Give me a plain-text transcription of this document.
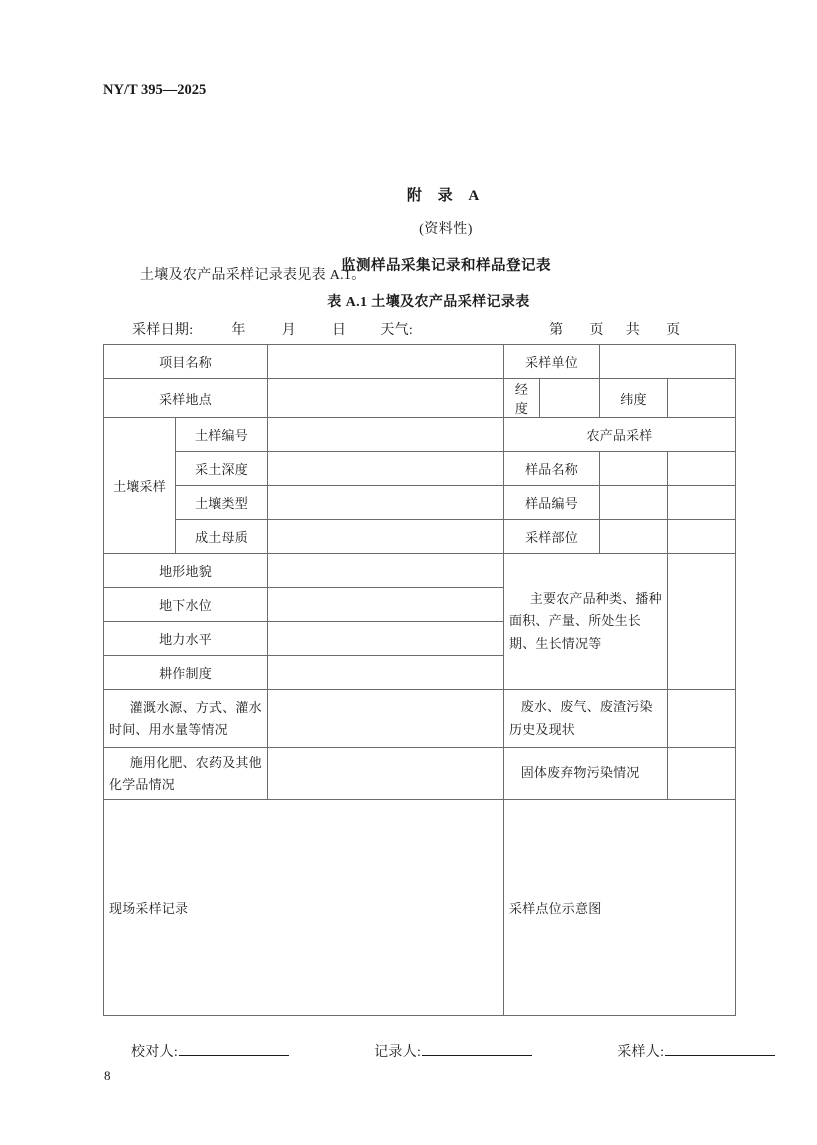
NY/T 395—2025
附 录 A
(资料性)
监测样品采集记录和样品登记表
土壤及农产品采样记录表见表 A.1。
表 A.1 土壤及农产品采样记录表
采样日期:	年	月	日 天气:	第 页 共 页
项目名称			采样单位			
采样地点			经度		纬度	
土壤采样	土样编号		农产品采样			
	采土深度		样品名称			
	土壤类型		样品编号			
	成土母质		采样部位			
地形地貌			主要农产品种类、播种面积、产量、所处生长期、生长情况等			
地下水位						
地力水平						
耕作制度						
灌溉水源、方式、灌水时间、用水量等情况			废水、废气、废渣污染历史及现状			
施用化肥、农药及其他化学品情况			固体废弃物污染情况			
现场采样记录			采样点位示意图			
校对人:	记录人:	采样人:
8
